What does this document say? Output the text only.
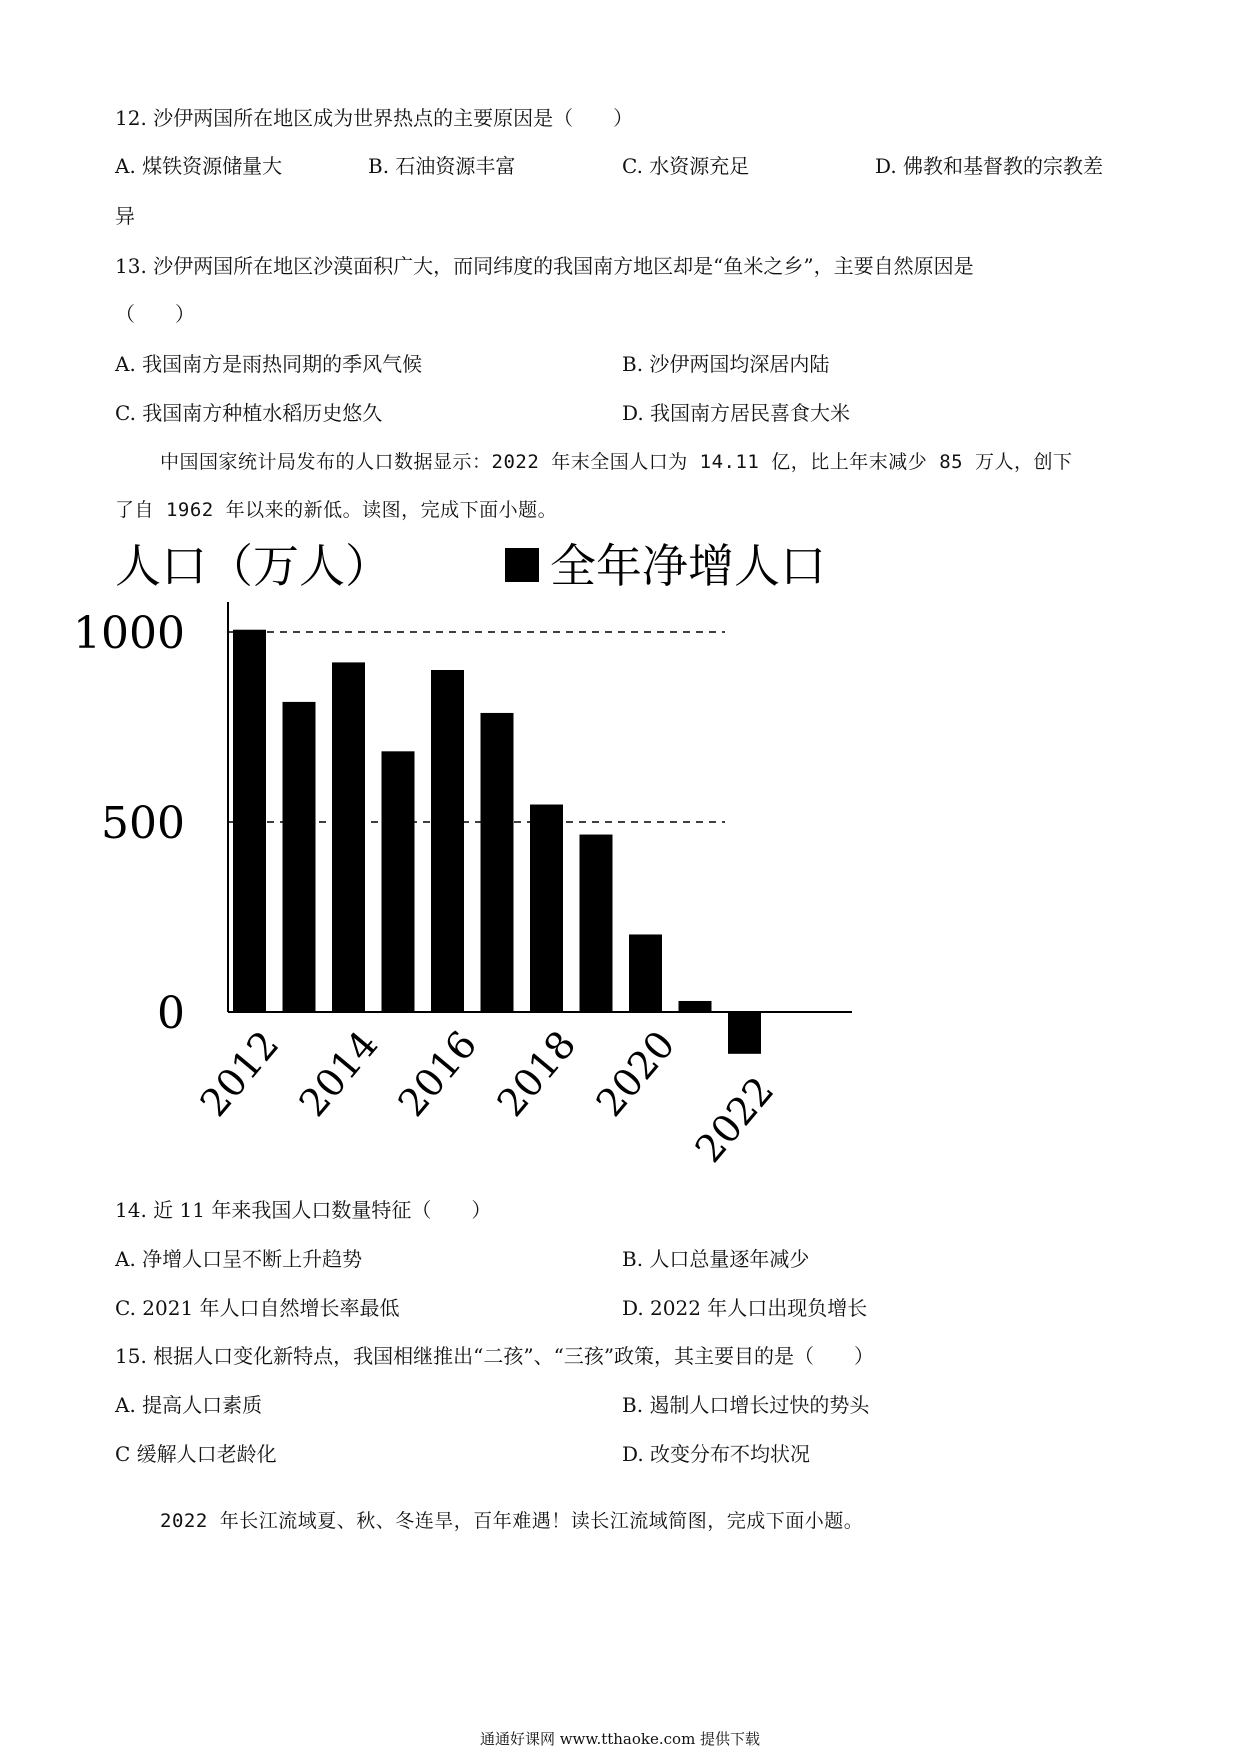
12. 沙伊两国所在地区成为世界热点的主要原因是（　　）
A. 煤铁资源储量大	B. 石油资源丰富	C. 水资源充足	D. 佛教和基督教的宗教差
异
13. 沙伊两国所在地区沙漠面积广大，而同纬度的我国南方地区却是“鱼米之乡”，主要自然原因是
（　　）
A. 我国南方是雨热同期的季风气候	B. 沙伊两国均深居内陆
C. 我国南方种植水稻历史悠久	D. 我国南方居民喜食大米
中国国家统计局发布的人口数据显示：2022 年末全国人口为 14.11 亿，比上年末减少 85 万人，创下
了自 1962 年以来的新低。读图，完成下面小题。
人口（万人）	全年净增人口
1000
500
0
2012 2014 2016 2018 2020 2022
14. 近 11 年来我国人口数量特征（　　）
A. 净增人口呈不断上升趋势	B. 人口总量逐年减少
C. 2021 年人口自然增长率最低	D. 2022 年人口出现负增长
15. 根据人口变化新特点，我国相继推出“二孩”、“三孩”政策，其主要目的是（　　）
A. 提高人口素质	B. 遏制人口增长过快的势头
C 缓解人口老龄化	D. 改变分布不均状况
2022 年长江流域夏、秋、冬连旱，百年难遇！读长江流域简图，完成下面小题。
通通好课网 www.tthaoke.com 提供下载
